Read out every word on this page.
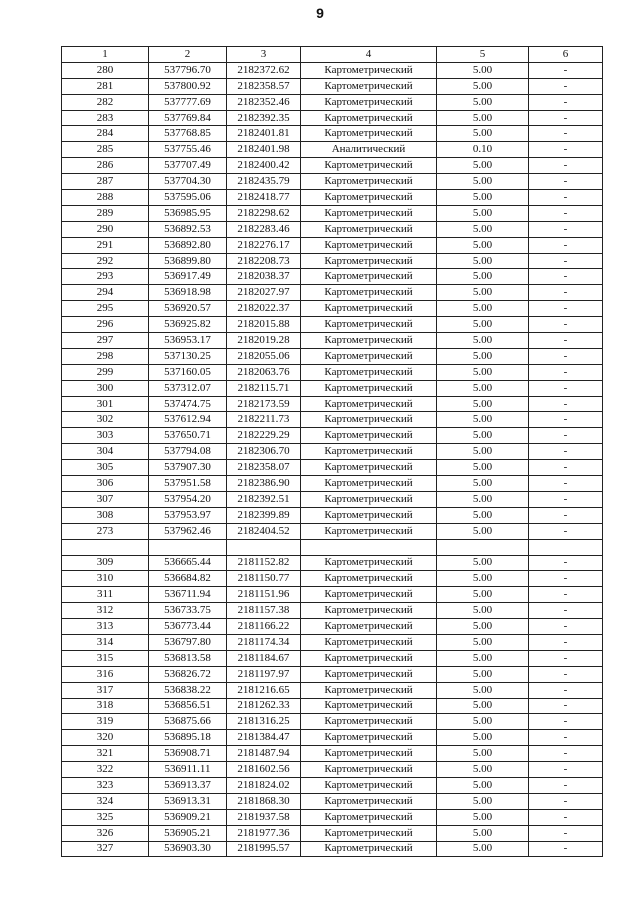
9
1	2	3	4	5	6
280	537796.70	2182372.62	Картометрический	5.00	-
281	537800.92	2182358.57	Картометрический	5.00	-
282	537777.69	2182352.46	Картометрический	5.00	-
283	537769.84	2182392.35	Картометрический	5.00	-
284	537768.85	2182401.81	Картометрический	5.00	-
285	537755.46	2182401.98	Аналитический	0.10	-
286	537707.49	2182400.42	Картометрический	5.00	-
287	537704.30	2182435.79	Картометрический	5.00	-
288	537595.06	2182418.77	Картометрический	5.00	-
289	536985.95	2182298.62	Картометрический	5.00	-
290	536892.53	2182283.46	Картометрический	5.00	-
291	536892.80	2182276.17	Картометрический	5.00	-
292	536899.80	2182208.73	Картометрический	5.00	-
293	536917.49	2182038.37	Картометрический	5.00	-
294	536918.98	2182027.97	Картометрический	5.00	-
295	536920.57	2182022.37	Картометрический	5.00	-
296	536925.82	2182015.88	Картометрический	5.00	-
297	536953.17	2182019.28	Картометрический	5.00	-
298	537130.25	2182055.06	Картометрический	5.00	-
299	537160.05	2182063.76	Картометрический	5.00	-
300	537312.07	2182115.71	Картометрический	5.00	-
301	537474.75	2182173.59	Картометрический	5.00	-
302	537612.94	2182211.73	Картометрический	5.00	-
303	537650.71	2182229.29	Картометрический	5.00	-
304	537794.08	2182306.70	Картометрический	5.00	-
305	537907.30	2182358.07	Картометрический	5.00	-
306	537951.58	2182386.90	Картометрический	5.00	-
307	537954.20	2182392.51	Картометрический	5.00	-
308	537953.97	2182399.89	Картометрический	5.00	-
273	537962.46	2182404.52	Картометрический	5.00	-

309	536665.44	2181152.82	Картометрический	5.00	-
310	536684.82	2181150.77	Картометрический	5.00	-
311	536711.94	2181151.96	Картометрический	5.00	-
312	536733.75	2181157.38	Картометрический	5.00	-
313	536773.44	2181166.22	Картометрический	5.00	-
314	536797.80	2181174.34	Картометрический	5.00	-
315	536813.58	2181184.67	Картометрический	5.00	-
316	536826.72	2181197.97	Картометрический	5.00	-
317	536838.22	2181216.65	Картометрический	5.00	-
318	536856.51	2181262.33	Картометрический	5.00	-
319	536875.66	2181316.25	Картометрический	5.00	-
320	536895.18	2181384.47	Картометрический	5.00	-
321	536908.71	2181487.94	Картометрический	5.00	-
322	536911.11	2181602.56	Картометрический	5.00	-
323	536913.37	2181824.02	Картометрический	5.00	-
324	536913.31	2181868.30	Картометрический	5.00	-
325	536909.21	2181937.58	Картометрический	5.00	-
326	536905.21	2181977.36	Картометрический	5.00	-
327	536903.30	2181995.57	Картометрический	5.00	-
